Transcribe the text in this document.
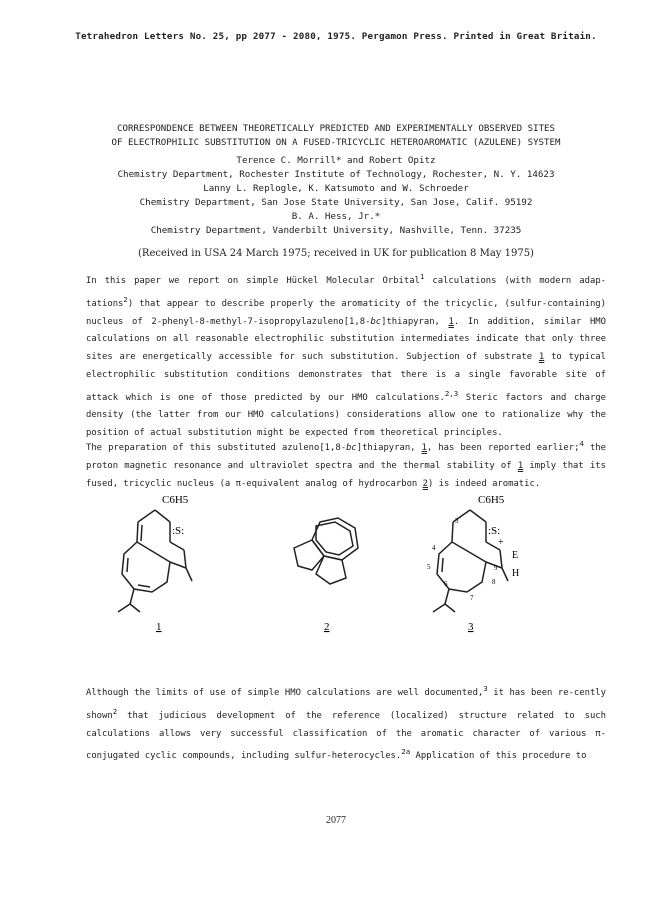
Tetrahedron Letters No. 25, pp 2077 - 2080, 1975. Pergamon Press. Printed in Great Britain.
CORRESPONDENCE BETWEEN THEORETICALLY PREDICTED AND EXPERIMENTALLY OBSERVED SITES
OF ELECTROPHILIC SUBSTITUTION ON A FUSED-TRICYCLIC HETEROAROMATIC (AZULENE) SYSTEM
Terence C. Morrill* and Robert Opitz
Chemistry Department, Rochester Institute of Technology, Rochester, N. Y. 14623
Lanny L. Replogle, K. Katsumoto and W. Schroeder
Chemistry Department, San Jose State University, San Jose, Calif. 95192
B. A. Hess, Jr.*
Chemistry Department, Vanderbilt University, Nashville, Tenn. 37235
(Received in USA 24 March 1975; received in UK for publication 8 May 1975)

In this paper we report on simple Hückel Molecular Orbital$^1$ calculations (with modern adap-tations$^2$) that appear to describe properly the aromaticity of the tricyclic, (sulfur-containing) nucleus of 2-phenyl-8-methyl-7-isopropylazuleno[1,8-bc]thiapyran, 1. In addition, similar HMO calculations on all reasonable electrophilic substitution intermediates indicate that only three sites are energetically accessible for such substitution. Subjection of substrate 1 to typical electrophilic substitution conditions demonstrates that there is a single favorable site of attack which is one of those predicted by our HMO calculations.$^{2,3}$ Steric factors and charge density (the latter from our HMO calculations) considerations allow one to rationalize why the position of actual substitution might be expected from theoretical principles.

The preparation of this substituted azuleno[1,8-bc]thiapyran, 1, has been reported earlier;$^4$ the proton magnetic resonance and ultraviolet spectra and the thermal stability of 1 imply that its fused, tricyclic nucleus (a π-equivalent analog of hydrocarbon 2) is indeed aromatic.

C6H5
:S:
1	2
C6H5
:S:
+
E
H
3
4
5
6
7
8
9
3

Although the limits of use of simple HMO calculations are well documented,$^3$ it has been re-cently shown$^2$ that judicious development of the reference (localized) structure related to such calculations allows very successful classification of the aromatic character of various π-conjugated cyclic compounds, including sulfur-heterocycles.$^{2a}$ Application of this procedure to

2077
